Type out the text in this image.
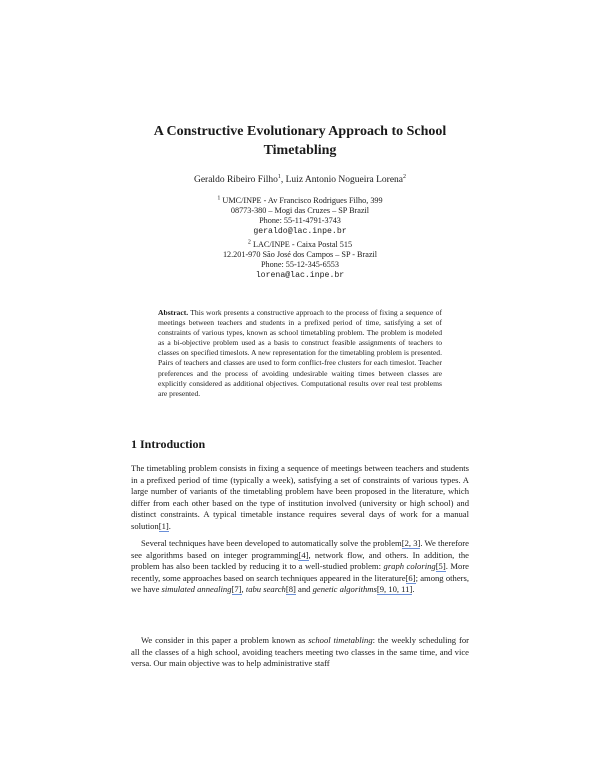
A Constructive Evolutionary Approach to School
Timetabling
Geraldo Ribeiro Filho$^1$, Luiz Antonio Nogueira Lorena$^2$
$^1$ UMC/INPE - Av Francisco Rodrigues Filho, 399
08773-380 – Mogi das Cruzes – SP Brazil
Phone: 55-11-4791-3743
geraldo@lac.inpe.br
$^2$ LAC/INPE - Caixa Postal 515
12.201-970 São José dos Campos – SP - Brazil
Phone: 55-12-345-6553
lorena@lac.inpe.br
Abstract. This work presents a constructive approach to the process of fixing a sequence of meetings between teachers and students in a prefixed period of time, satisfying a set of constraints of various types, known as school timetabling problem. The problem is modeled as a bi-objective problem used as a basis to construct feasible assignments of teachers to classes on specified timeslots. A new representation for the timetabling problem is presented. Pairs of teachers and classes are used to form conflict-free clusters for each timeslot. Teacher preferences and the process of avoiding undesirable waiting times between classes are explicitly considered as additional objectives. Computational results over real test problems are presented.
1 Introduction
The timetabling problem consists in fixing a sequence of meetings between teachers and students in a prefixed period of time (typically a week), satisfying a set of constraints of various types. A large number of variants of the timetabling problem have been proposed in the literature, which differ from each other based on the type of institution involved (university or high school) and distinct constraints. A typical timetable instance requires several days of work for a manual solution[1].
Several techniques have been developed to automatically solve the problem[2, 3]. We therefore see algorithms based on integer programming[4], network flow, and others. In addition, the problem has also been tackled by reducing it to a well-studied problem: graph coloring[5]. More recently, some approaches based on search techniques appeared in the literature[6]; among others, we have simulated annealing[7], tabu search[8] and genetic algorithms[9, 10, 11].
We consider in this paper a problem known as school timetabling: the weekly scheduling for all the classes of a high school, avoiding teachers meeting two classes in the same time, and vice versa. Our main objective was to help administrative staff
